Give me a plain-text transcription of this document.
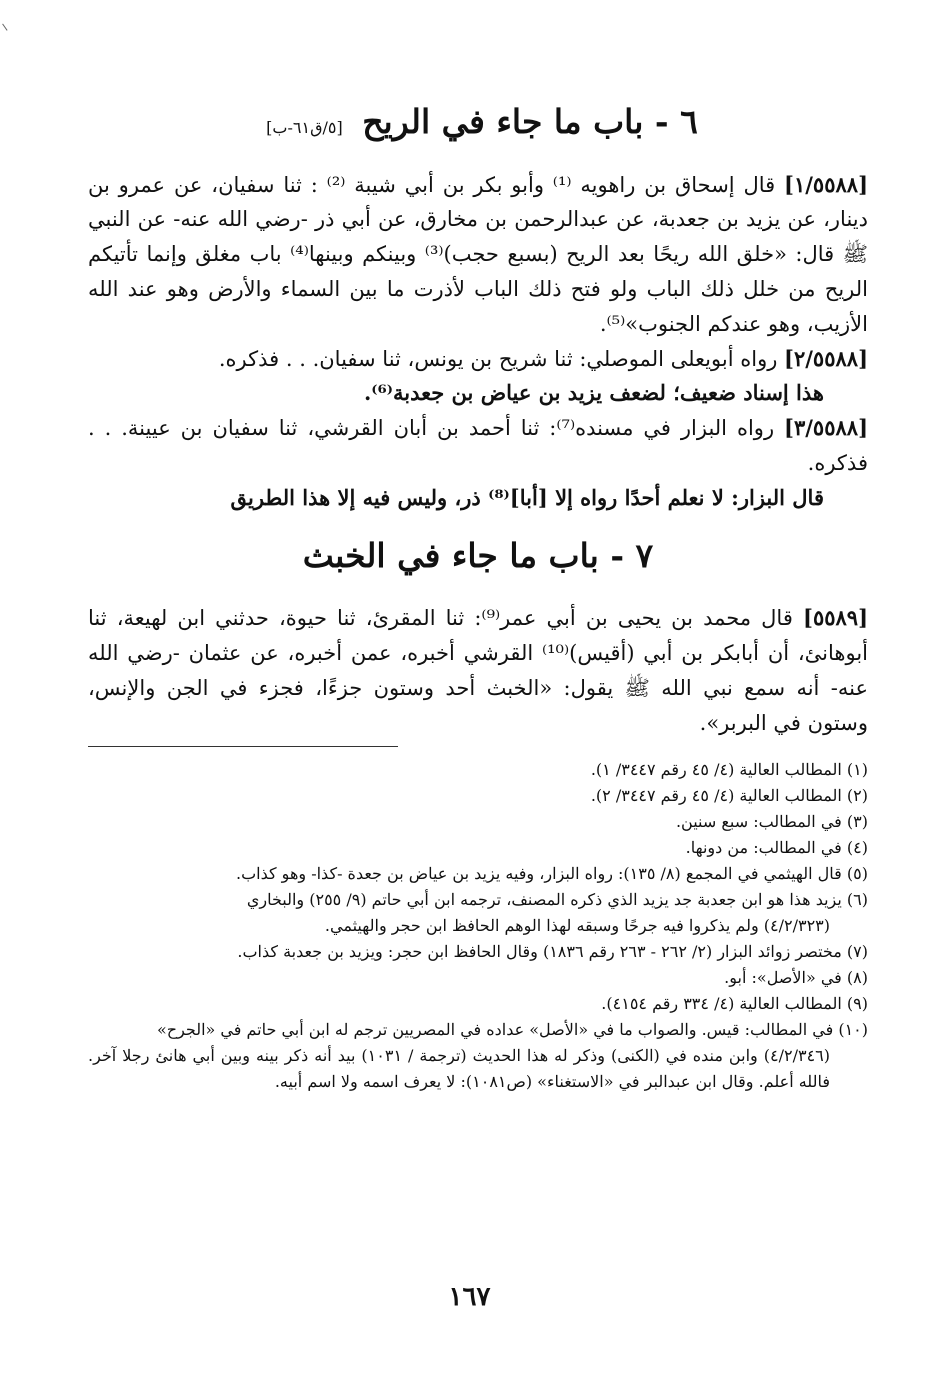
٦ - باب ما جاء في الريح [٥/ق٦١-ب]

[١/٥٥٨٨] قال إسحاق بن راهويه ⁽¹⁾ وأبو بكر بن أبي شيبة ⁽²⁾ : ثنا سفيان، عن عمرو بن دينار، عن يزيد بن جعدبة، عن عبدالرحمن بن مخارق، عن أبي ذر -رضي الله عنه- عن النبي ﷺ قال: «خلق الله ريحًا بعد الريح (بسبع حجب)⁽³⁾ وبينكم وبينها⁽⁴⁾ باب مغلق وإنما تأتيكم الريح من خلل ذلك الباب ولو فتح ذلك الباب لأذرت ما بين السماء والأرض وهو عند الله الأزيب، وهو عندكم الجنوب»⁽⁵⁾.

[٢/٥٥٨٨] رواه أبويعلى الموصلي: ثنا شريح بن يونس، ثنا سفيان. . . فذكره.

هذا إسناد ضعيف؛ لضعف يزيد بن عياض بن جعدبة⁽⁶⁾.

[٣/٥٥٨٨] رواه البزار في مسنده⁽⁷⁾: ثنا أحمد بن أبان القرشي، ثنا سفيان بن عيينة. . . فذكره.

قال البزار: لا نعلم أحدًا رواه إلا [أبا]⁽⁸⁾ ذر، وليس فيه إلا هذا الطريق

٧ - باب ما جاء في الخبث

[٥٥٨٩] قال محمد بن يحيى بن أبي عمر⁽⁹⁾: ثنا المقرئ، ثنا حيوة، حدثني ابن لهيعة، ثنا أبوهانئ، أن أبابكر بن أبي (أقيس)⁽¹⁰⁾ القرشي أخبره، عمن أخبره، عن عثمان -رضي الله عنه- أنه سمع نبي الله ﷺ يقول: «الخبث أحد وستون جزءًا، فجزء في الجن والإنس، وستون في البربر».

(١) المطالب العالية (٤/ ٤٥ رقم ٣٤٤٧/ ١).

(٢) المطالب العالية (٤/ ٤٥ رقم ٣٤٤٧/ ٢).

(٣) في المطالب: سبع سنين.

(٤) في المطالب: من دونها.

(٥) قال الهيثمي في المجمع (٨/ ١٣٥): رواه البزار، وفيه يزيد بن عياض بن جعدة -كذا- وهو كذاب.

(٦) يزيد هذا هو ابن جعدبة جد يزيد الذي ذكره المصنف، ترجمه ابن أبي حاتم (٩/ ٢٥٥) والبخاري

(٤/٢/٣٢٣) ولم يذكروا فيه جرحًا وسبقه لهذا الوهم الحافظ ابن حجر والهيثمي.

(٧) مختصر زوائد البزار (٢/ ٢٦٢ - ٢٦٣ رقم ١٨٣٦) وقال الحافظ ابن حجر: ويزيد بن جعدبة كذاب.

(٨) في «الأصل»: أبو.

(٩) المطالب العالية (٤/ ٣٣٤ رقم ٤١٥٤).

(١٠) في المطالب: قيس. والصواب ما في «الأصل» عداده في المصريين ترجم له ابن أبي حاتم في «الجرح»

(٤/٢/٣٤٦) وابن منده في (الكنى) وذكر له هذا الحديث (ترجمة / ١٠٣١) بيد أنه ذكر بينه وبين أبي هانئ رجلا آخر. فالله أعلم. وقال ابن عبدالبر في «الاستغناء» (ص١٠٨١): لا يعرف اسمه ولا اسم أبيه.

١٦٧
